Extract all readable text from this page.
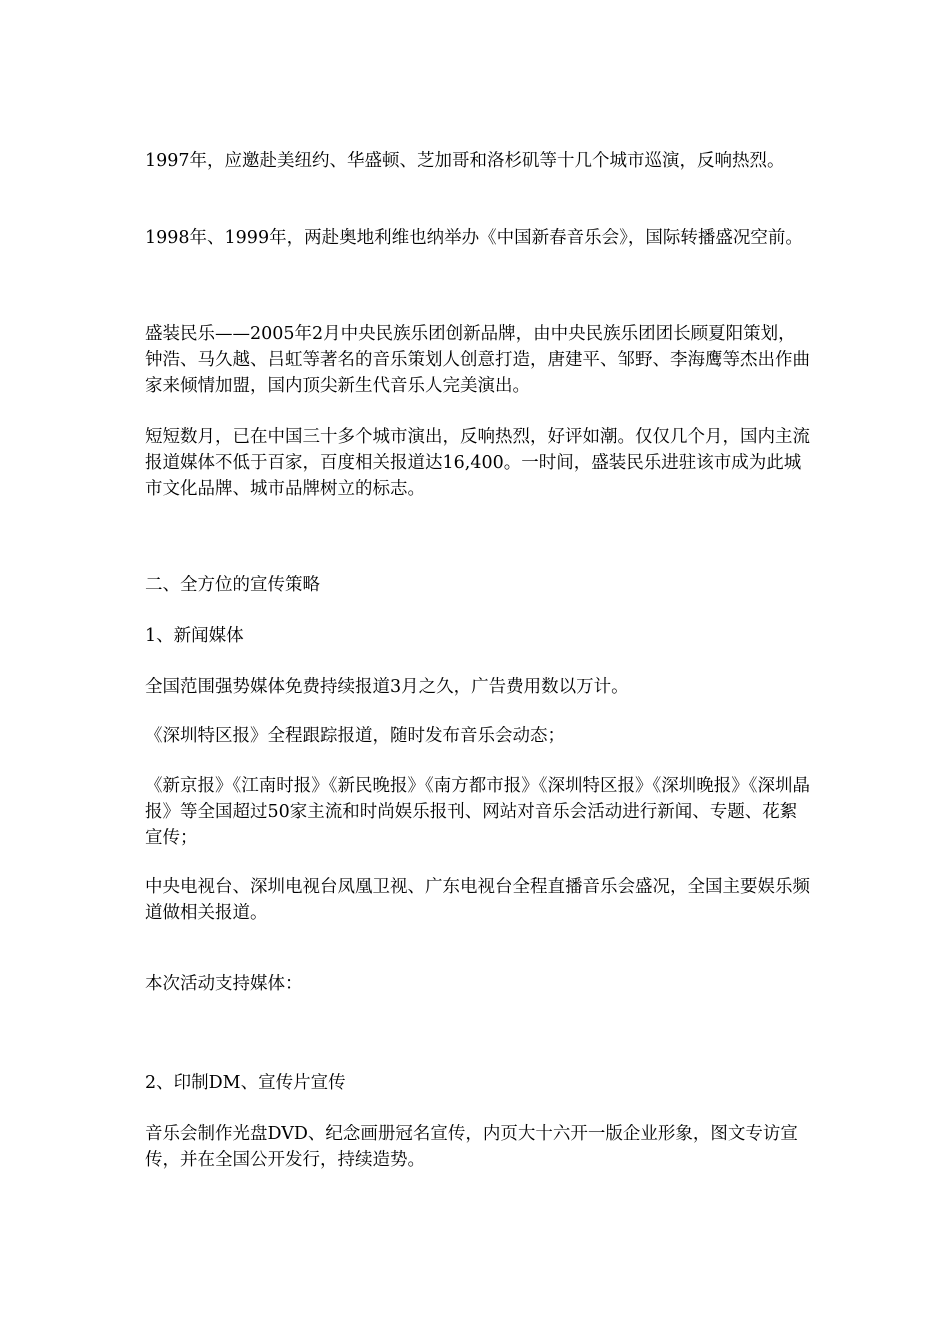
1997年，应邀赴美纽约、华盛顿、芝加哥和洛杉矶等十几个城市巡演，反响热烈。

1998年、1999年，两赴奥地利维也纳举办《中国新春音乐会》，国际转播盛况空前。

盛装民乐——2005年2月中央民族乐团创新品牌，由中央民族乐团团长顾夏阳策划，钟浩、马久越、吕虹等著名的音乐策划人创意打造，唐建平、邹野、李海鹰等杰出作曲家来倾情加盟，国内顶尖新生代音乐人完美演出。

短短数月，已在中国三十多个城市演出，反响热烈，好评如潮。仅仅几个月，国内主流报道媒体不低于百家，百度相关报道达16,400。一时间，盛装民乐进驻该市成为此城市文化品牌、城市品牌树立的标志。

二、全方位的宣传策略

1、新闻媒体

全国范围强势媒体免费持续报道3月之久，广告费用数以万计。

《深圳特区报》全程跟踪报道，随时发布音乐会动态；

《新京报》《江南时报》《新民晚报》《南方都市报》《深圳特区报》《深圳晚报》《深圳晶报》等全国超过50家主流和时尚娱乐报刊、网站对音乐会活动进行新闻、专题、花絮宣传；

中央电视台、深圳电视台凤凰卫视、广东电视台全程直播音乐会盛况，全国主要娱乐频道做相关报道。

本次活动支持媒体：

2、印制DM、宣传片宣传

音乐会制作光盘DVD、纪念画册冠名宣传，内页大十六开一版企业形象，图文专访宣传，并在全国公开发行，持续造势。
